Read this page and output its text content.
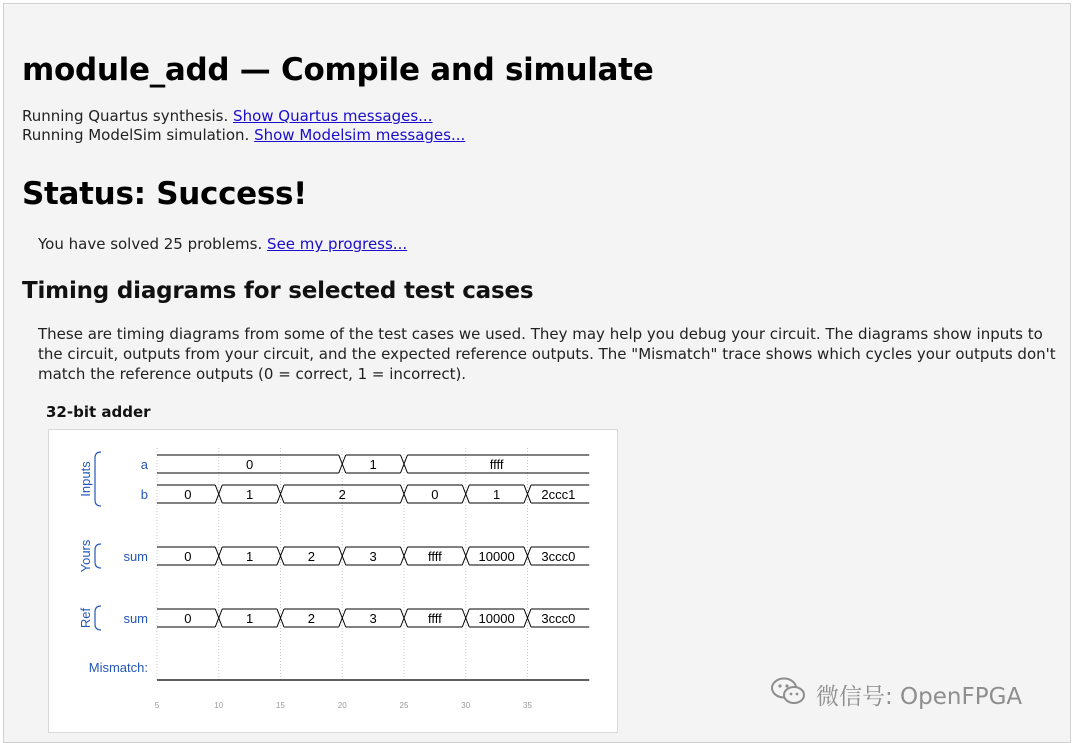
module_add — Compile and simulate
Running Quartus synthesis. Show Quartus messages...
Running ModelSim simulation. Show Modelsim messages...
Status: Success!
You have solved 25 problems. See my progress...
Timing diagrams for selected test cases
These are timing diagrams from some of the test cases we used. They may help you debug your circuit. The diagrams show inputs to the circuit, outputs from your circuit, and the expected reference outputs. The "Mismatch" trace shows which cycles your outputs don't match the reference outputs (0 = correct, 1 = incorrect).
32-bit adder
5	10	15	20	25	30	35
Inputs	a	0	1	ffff
b	0	1	2	0	1	2ccc1
Yours sum	0	1	2	3	ffff	10000 3ccc0
Ref sum	0	1	2	3	ffff	10000 3ccc0
Mismatch:
微信号: OpenFPGA
